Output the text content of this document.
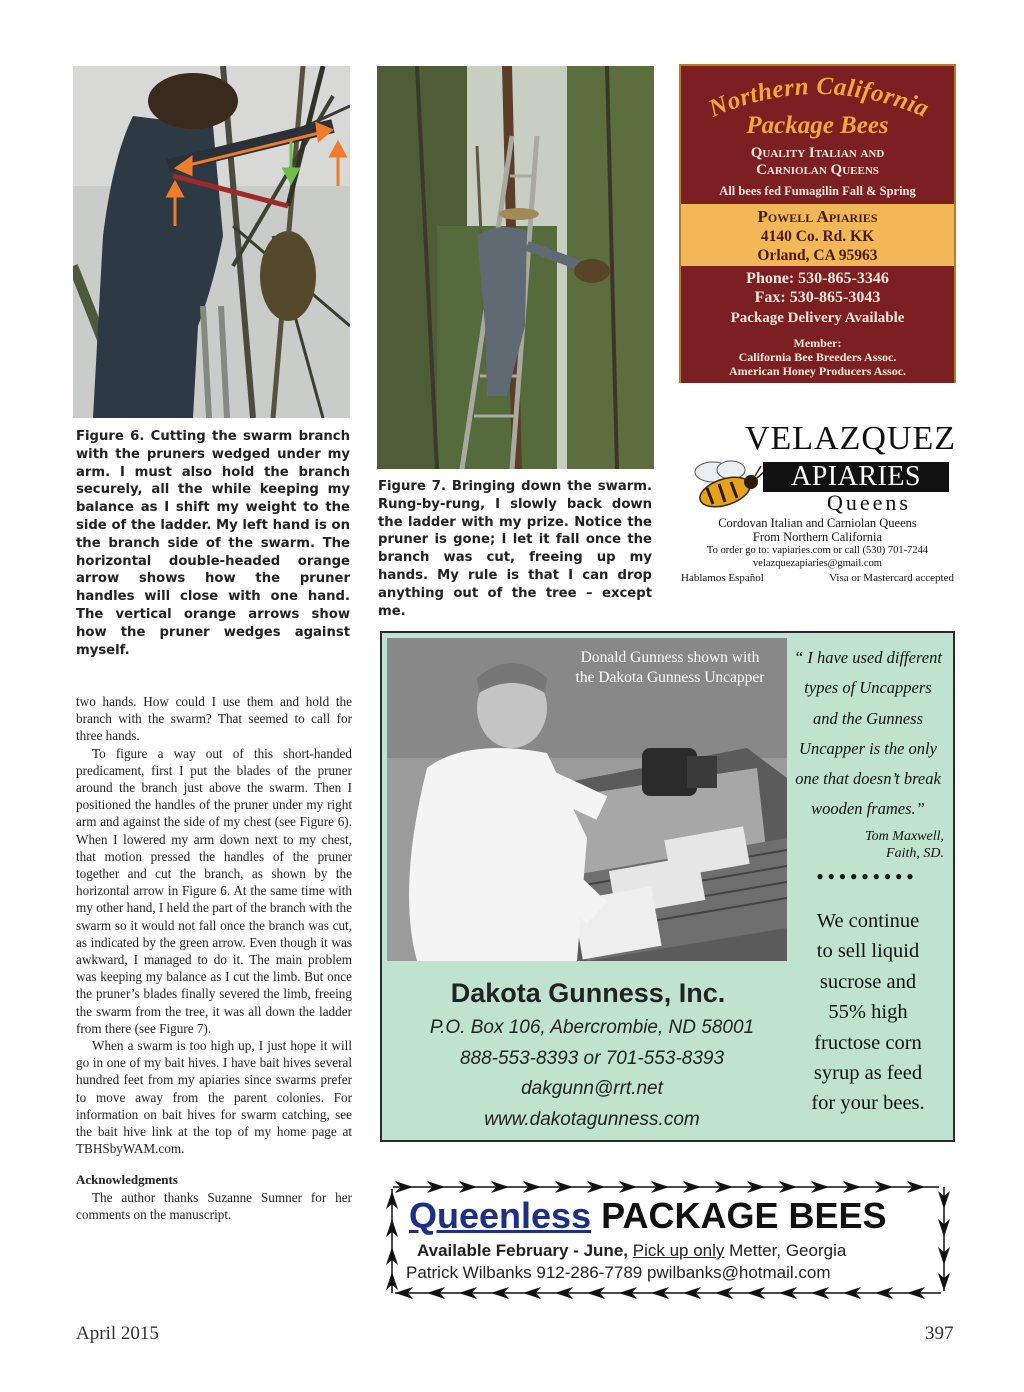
Figure 6. Cutting the swarm branch with the pruners wedged under my arm. I must also hold the branch securely, all the while keeping my balance as I shift my weight to the side of the ladder. My left hand is on the branch side of the swarm. The horizontal double-headed orange arrow shows how the pruner handles will close with one hand. The vertical orange arrows show how the pruner wedges against myself.
Figure 7. Bringing down the swarm. Rung-by-rung, I slowly back down the ladder with my prize. Notice the pruner is gone; I let it fall once the branch was cut, freeing up my hands. My rule is that I can drop anything out of the tree – except me.

two hands. How could I use them and hold the branch with the swarm? That seemed to call for three hands.

To figure a way out of this short-handed predicament, first I put the blades of the pruner around the branch just above the swarm. Then I positioned the handles of the pruner under my right arm and against the side of my chest (see Figure 6). When I lowered my arm down next to my chest, that motion pressed the handles of the pruner together and cut the branch, as shown by the horizontal arrow in Figure 6. At the same time with my other hand, I held the part of the branch with the swarm so it would not fall once the branch was cut, as indicated by the green arrow. Even though it was awkward, I managed to do it. The main problem was keeping my balance as I cut the limb. But once the pruner’s blades finally severed the limb, freeing the swarm from the tree, it was all down the ladder from there (see Figure 7).

When a swarm is too high up, I just hope it will go in one of my bait hives. I have bait hives several hundred feet from my apiaries since swarms prefer to move away from the parent colonies. For information on bait hives for swarm catching, see the bait hive link at the top of my home page at TBHSbyWAM.com.

Acknowledgments

The author thanks Suzanne Sumner for her comments on the manuscript.

Northern California
Package Bees
Quality Italian and
Carniolan Queens
All bees fed Fumagilin Fall & Spring
Powell Apiaries
4140 Co. Rd. KK
Orland, CA 95963
Phone: 530-865-3346
Fax: 530-865-3043
Package Delivery Available
Member:
California Bee Breeders Assoc.
American Honey Producers Assoc.
VELAZQUEZ
APIARIES
Queens
Cordovan Italian and Carniolan Queens
From Northern California
To order go to: vapiaries.com or call (530) 701-7244
velazquezapiaries@gmail.com
Hablamos Español	Visa or Mastercard accepted
Donald Gunness shown with
the Dakota Gunness Uncapper
“ I have used different
types of Uncappers
and the Gunness
Uncapper is the only
one that doesn’t break
wooden frames.”
Tom Maxwell,
Faith, SD.
●●●●●●●●●
We continue
to sell liquid
sucrose and
55% high
fructose corn
syrup as feed
for your bees.
Dakota Gunness, Inc.
P.O. Box 106, Abercrombie, ND 58001
888-553-8393 or 701-553-8393
dakgunn@rrt.net
www.dakotagunness.com
Queenless PACKAGE BEES
Available February - June, Pick up only Metter, Georgia
Patrick Wilbanks 912-286-7789 pwilbanks@hotmail.com
April 2015	397
